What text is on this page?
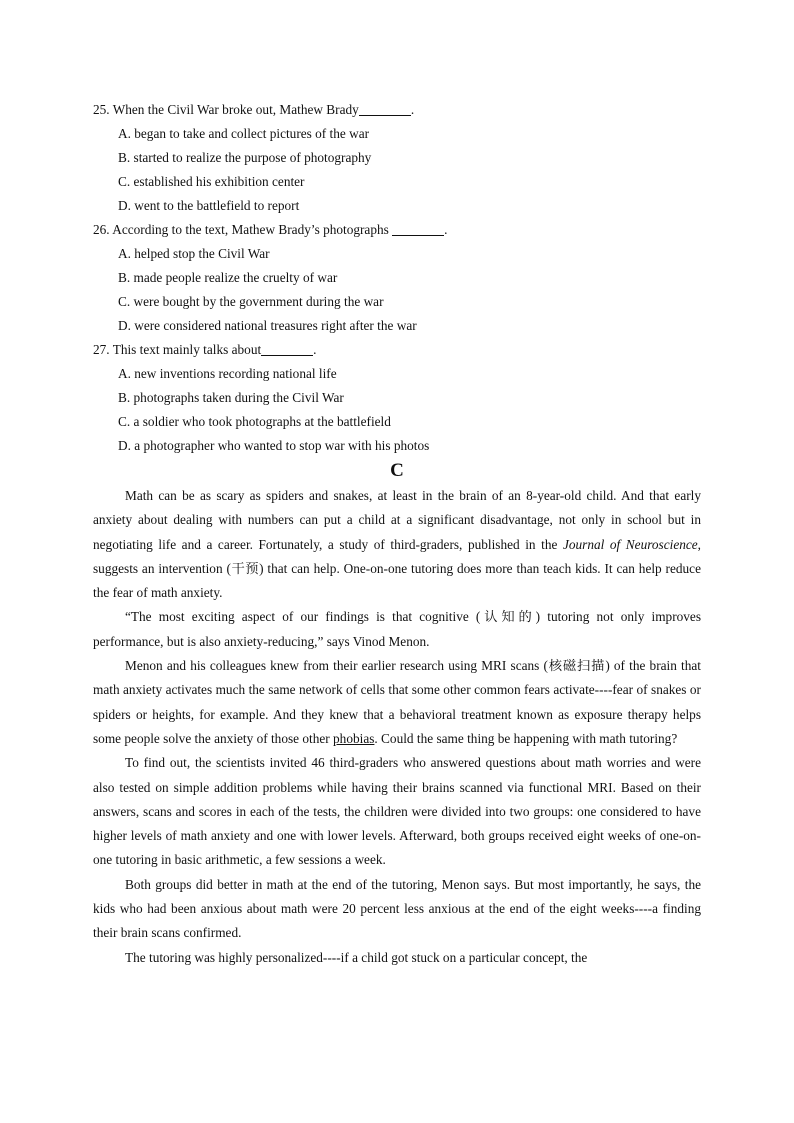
25. When the Civil War broke out, Mathew Brady	.
A. began to take and collect pictures of the war
B. started to realize the purpose of photography
C. established his exhibition center
D. went to the battlefield to report
26. According to the text, Mathew Brady’s photographs	.
A. helped stop the Civil War
B. made people realize the cruelty of war
C. were bought by the government during the war
D. were considered national treasures right after the war
27. This text mainly talks about	.
A. new inventions recording national life
B. photographs taken during the Civil War
C. a soldier who took photographs at the battlefield
D. a photographer who wanted to stop war with his photos
C

Math can be as scary as spiders and snakes, at least in the brain of an 8-year-old child. And that early anxiety about dealing with numbers can put a child at a significant disadvantage, not only in school but in negotiating life and a career. Fortunately, a study of third-graders, published in the Journal of Neuroscience, suggests an intervention (干预) that can help. One-on-one tutoring does more than teach kids. It can help reduce the fear of math anxiety.

“The most exciting aspect of our findings is that cognitive (认知的) tutoring not only improves performance, but is also anxiety-reducing,” says Vinod Menon.

Menon and his colleagues knew from their earlier research using MRI scans (核磁扫描) of the brain that math anxiety activates much the same network of cells that some other common fears activate----fear of snakes or spiders or heights, for example. And they knew that a behavioral treatment known as exposure therapy helps some people solve the anxiety of those other phobias. Could the same thing be happening with math tutoring?

To find out, the scientists invited 46 third-graders who answered questions about math worries and were also tested on simple addition problems while having their brains scanned via functional MRI. Based on their answers, scans and scores in each of the tests, the children were divided into two groups: one considered to have higher levels of math anxiety and one with lower levels. Afterward, both groups received eight weeks of one-on-one tutoring in basic arithmetic, a few sessions a week.

Both groups did better in math at the end of the tutoring, Menon says. But most importantly, he says, the kids who had been anxious about math were 20 percent less anxious at the end of the eight weeks----a finding their brain scans confirmed.

The tutoring was highly personalized----if a child got stuck on a particular concept, the
